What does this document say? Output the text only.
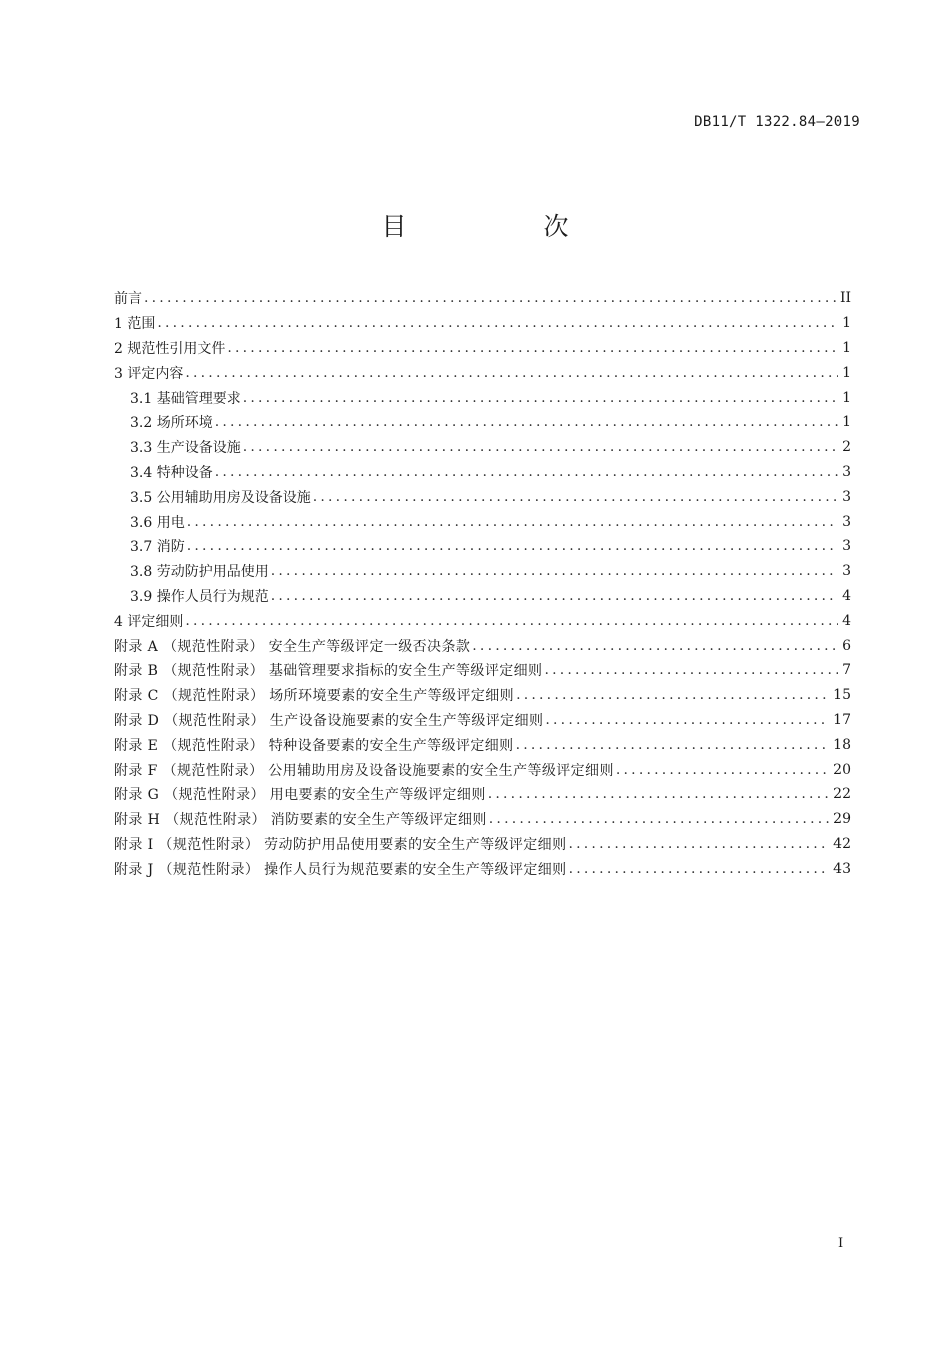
DB11/T 1322.84—2019
目　次
前言 .....	II
1 范围 .....	1
2 规范性引用文件 .....	1
3 评定内容 .....	1
3.1 基础管理要求 .....	1
3.2 场所环境 .....	1
3.3 生产设备设施 .....	2
3.4 特种设备 .....	3
3.5 公用辅助用房及设备设施 .....	3
3.6 用电 .....	3
3.7 消防 .....	3
3.8 劳动防护用品使用 .....	3
3.9 操作人员行为规范 .....	4
4 评定细则 .....	4
附录 A （规范性附录） 安全生产等级评定一级否决条款 .....	6
附录 B （规范性附录） 基础管理要求指标的安全生产等级评定细则 .....	7
附录 C （规范性附录） 场所环境要素的安全生产等级评定细则 .....	15
附录 D （规范性附录） 生产设备设施要素的安全生产等级评定细则 .....	17
附录 E （规范性附录） 特种设备要素的安全生产等级评定细则 .....	18
附录 F （规范性附录） 公用辅助用房及设备设施要素的安全生产等级评定细则 .....	20
附录 G （规范性附录） 用电要素的安全生产等级评定细则 .....	22
附录 H （规范性附录） 消防要素的安全生产等级评定细则 .....	29
附录 I （规范性附录） 劳动防护用品使用要素的安全生产等级评定细则 .....	42
附录 J （规范性附录） 操作人员行为规范要素的安全生产等级评定细则 .....	43
I
